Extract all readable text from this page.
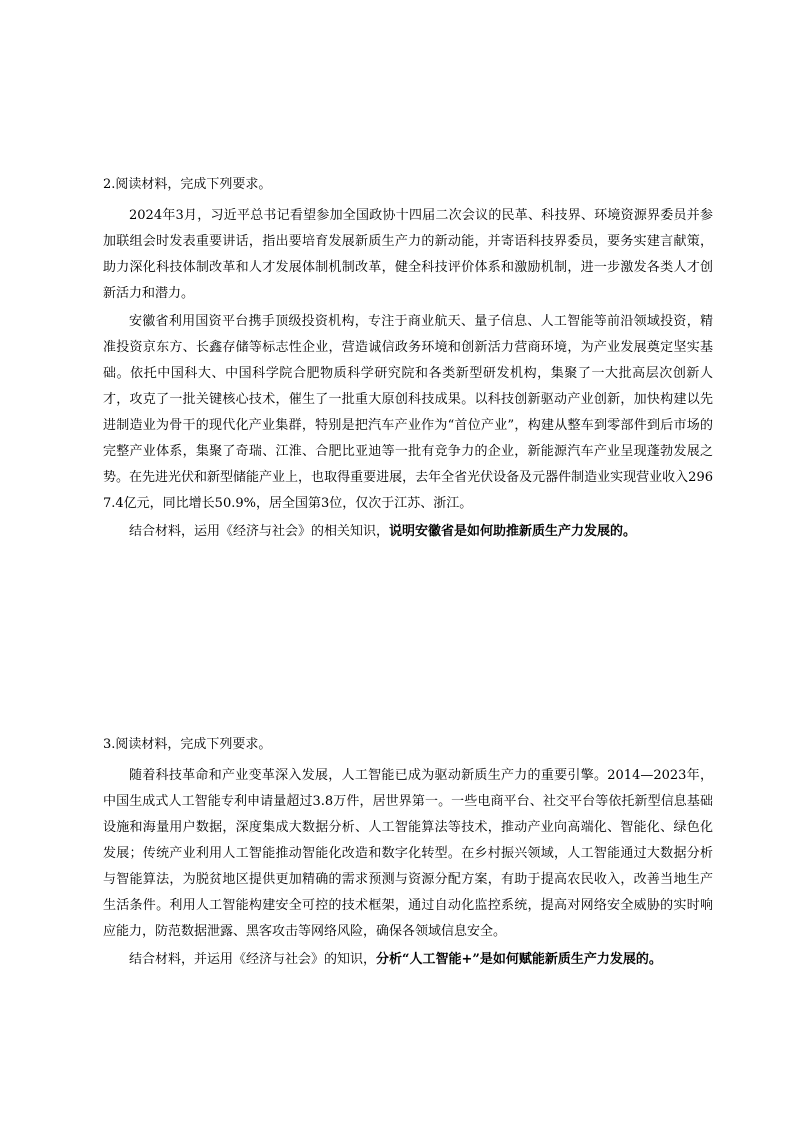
2.阅读材料，完成下列要求。

2024年3月，习近平总书记看望参加全国政协十四届二次会议的民革、科技界、环境资源界委员并参加联组会时发表重要讲话，指出要培育发展新质生产力的新动能，并寄语科技界委员，要务实建言献策，助力深化科技体制改革和人才发展体制机制改革，健全科技评价体系和激励机制，进一步激发各类人才创新活力和潜力。

安徽省利用国资平台携手顶级投资机构，专注于商业航天、量子信息、人工智能等前沿领域投资，精准投资京东方、长鑫存储等标志性企业，营造诚信政务环境和创新活力营商环境，为产业发展奠定坚实基础。依托中国科大、中国科学院合肥物质科学研究院和各类新型研发机构，集聚了一大批高层次创新人才，攻克了一批关键核心技术，催生了一批重大原创科技成果。以科技创新驱动产业创新，加快构建以先进制造业为骨干的现代化产业集群，特别是把汽车产业作为“首位产业”，构建从整车到零部件到后市场的完整产业体系，集聚了奇瑞、江淮、合肥比亚迪等一批有竞争力的企业，新能源汽车产业呈现蓬勃发展之势。在先进光伏和新型储能产业上，也取得重要进展，去年全省光伏设备及元器件制造业实现营业收入2967.4亿元，同比增长50.9%，居全国第3位，仅次于江苏、浙江。

结合材料，运用《经济与社会》的相关知识，说明安徽省是如何助推新质生产力发展的。

3.阅读材料，完成下列要求。

随着科技革命和产业变革深入发展，人工智能已成为驱动新质生产力的重要引擎。2014—2023年，中国生成式人工智能专利申请量超过3.8万件，居世界第一。一些电商平台、社交平台等依托新型信息基础设施和海量用户数据，深度集成大数据分析、人工智能算法等技术，推动产业向高端化、智能化、绿色化发展；传统产业利用人工智能推动智能化改造和数字化转型。在乡村振兴领域，人工智能通过大数据分析与智能算法，为脱贫地区提供更加精确的需求预测与资源分配方案，有助于提高农民收入，改善当地生产生活条件。利用人工智能构建安全可控的技术框架，通过自动化监控系统，提高对网络安全威胁的实时响应能力，防范数据泄露、黑客攻击等网络风险，确保各领域信息安全。

结合材料，并运用《经济与社会》的知识，分析“人工智能+”是如何赋能新质生产力发展的。
